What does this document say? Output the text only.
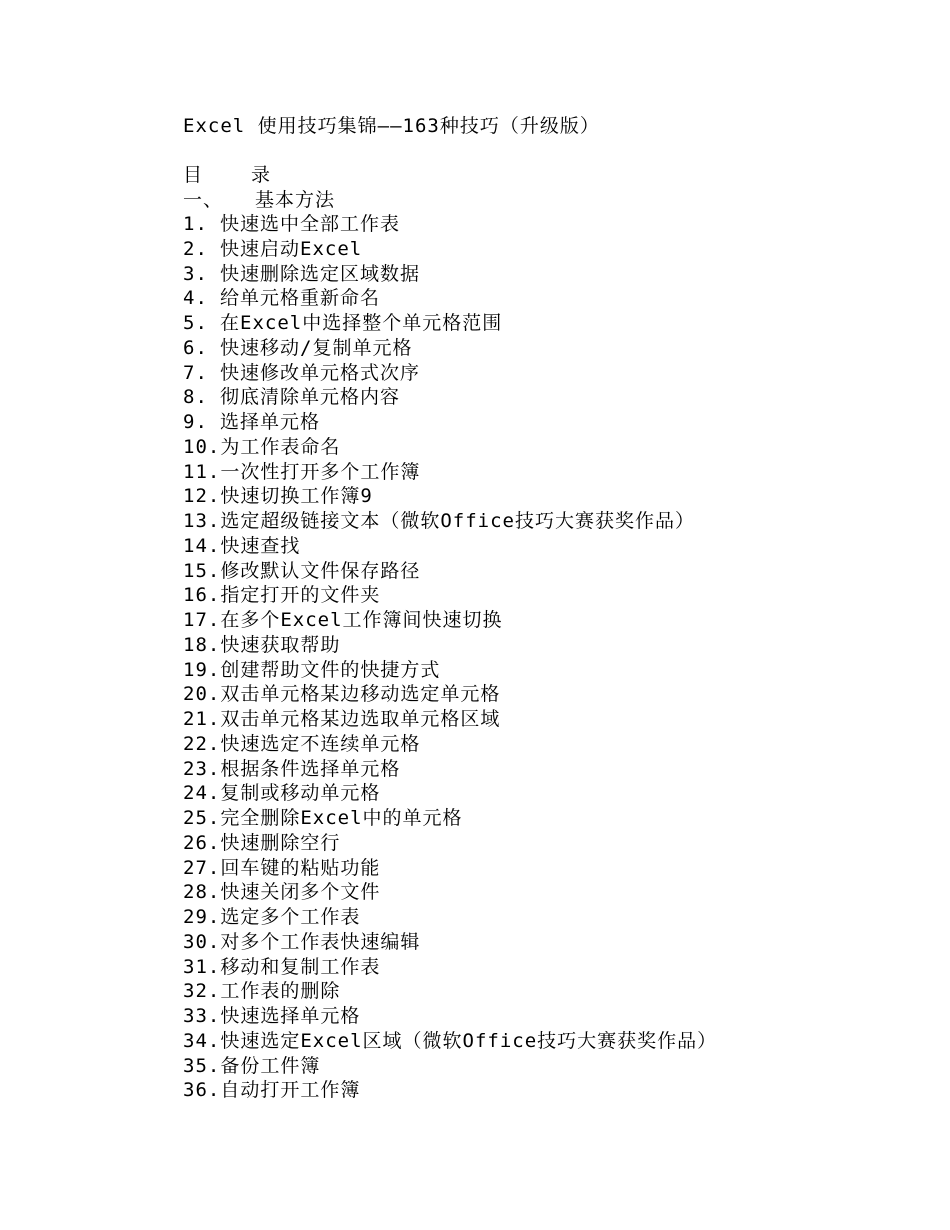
Excel 使用技巧集锦——163种技巧（升级版）
目	录
一、 基本方法
1. 快速选中全部工作表
2. 快速启动Excel
3. 快速删除选定区域数据
4. 给单元格重新命名
5. 在Excel中选择整个单元格范围
6. 快速移动/复制单元格
7. 快速修改单元格式次序
8. 彻底清除单元格内容
9. 选择单元格
10. 为工作表命名
11. 一次性打开多个工作簿
12. 快速切换工作簿9
13. 选定超级链接文本（微软Office技巧大赛获奖作品）
14. 快速查找
15. 修改默认文件保存路径
16. 指定打开的文件夹
17. 在多个Excel工作簿间快速切换
18. 快速获取帮助
19. 创建帮助文件的快捷方式
20. 双击单元格某边移动选定单元格
21. 双击单元格某边选取单元格区域
22. 快速选定不连续单元格
23. 根据条件选择单元格
24. 复制或移动单元格
25. 完全删除Excel中的单元格
26. 快速删除空行
27. 回车键的粘贴功能
28. 快速关闭多个文件
29. 选定多个工作表
30. 对多个工作表快速编辑
31. 移动和复制工作表
32. 工作表的删除
33. 快速选择单元格
34. 快速选定Excel区域（微软Office技巧大赛获奖作品）
35. 备份工件簿
36. 自动打开工作簿
